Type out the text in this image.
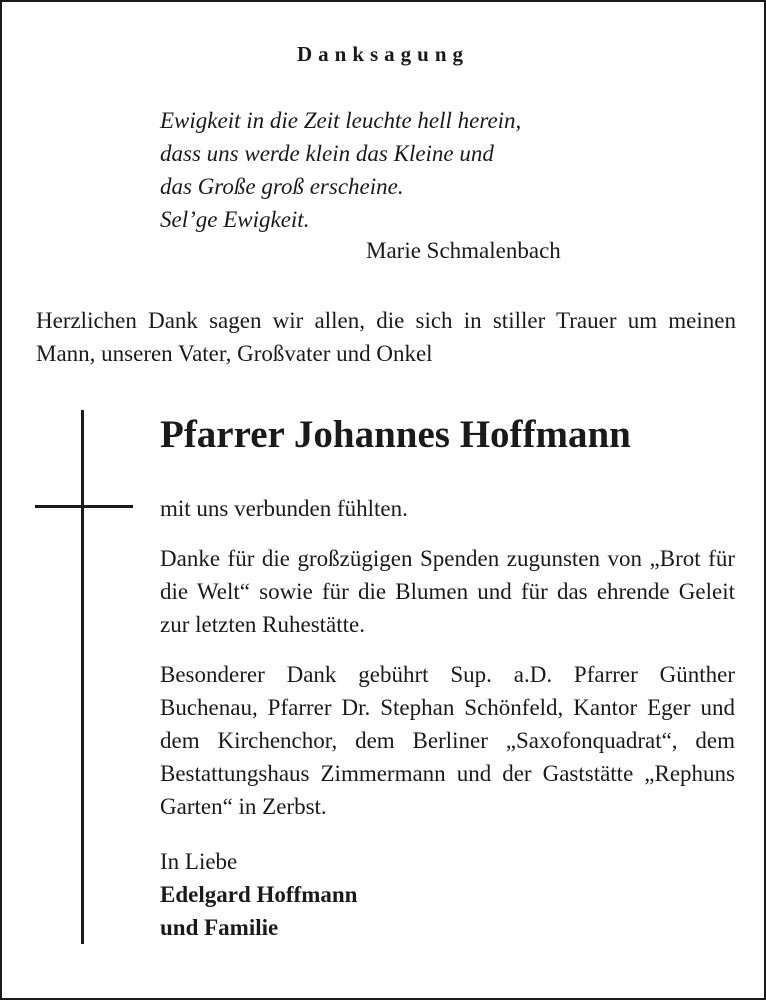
Danksagung
Ewigkeit in die Zeit leuchte hell herein,
dass uns werde klein das Kleine und
das Große groß erscheine.
Sel’ge Ewigkeit.
Marie Schmalenbach
Herzlichen Dank sagen wir allen, die sich in stiller Trauer um meinen Mann, unseren Vater, Großvater und Onkel
Pfarrer Johannes Hoffmann

mit uns verbunden fühlten.

Danke für die großzügigen Spenden zugunsten von „Brot für die Welt“ sowie für die Blumen und für das ehrende Geleit zur letzten Ruhestätte.

Besonderer Dank gebührt Sup. a.D. Pfarrer Günther Buchenau, Pfarrer Dr. Stephan Schönfeld, Kantor Eger und dem Kirchenchor, dem Berliner „Saxofonquadrat“, dem Bestattungshaus Zimmermann und der Gaststätte „Rephuns Garten“ in Zerbst.

In Liebe

Edelgard Hoffmann

und Familie
